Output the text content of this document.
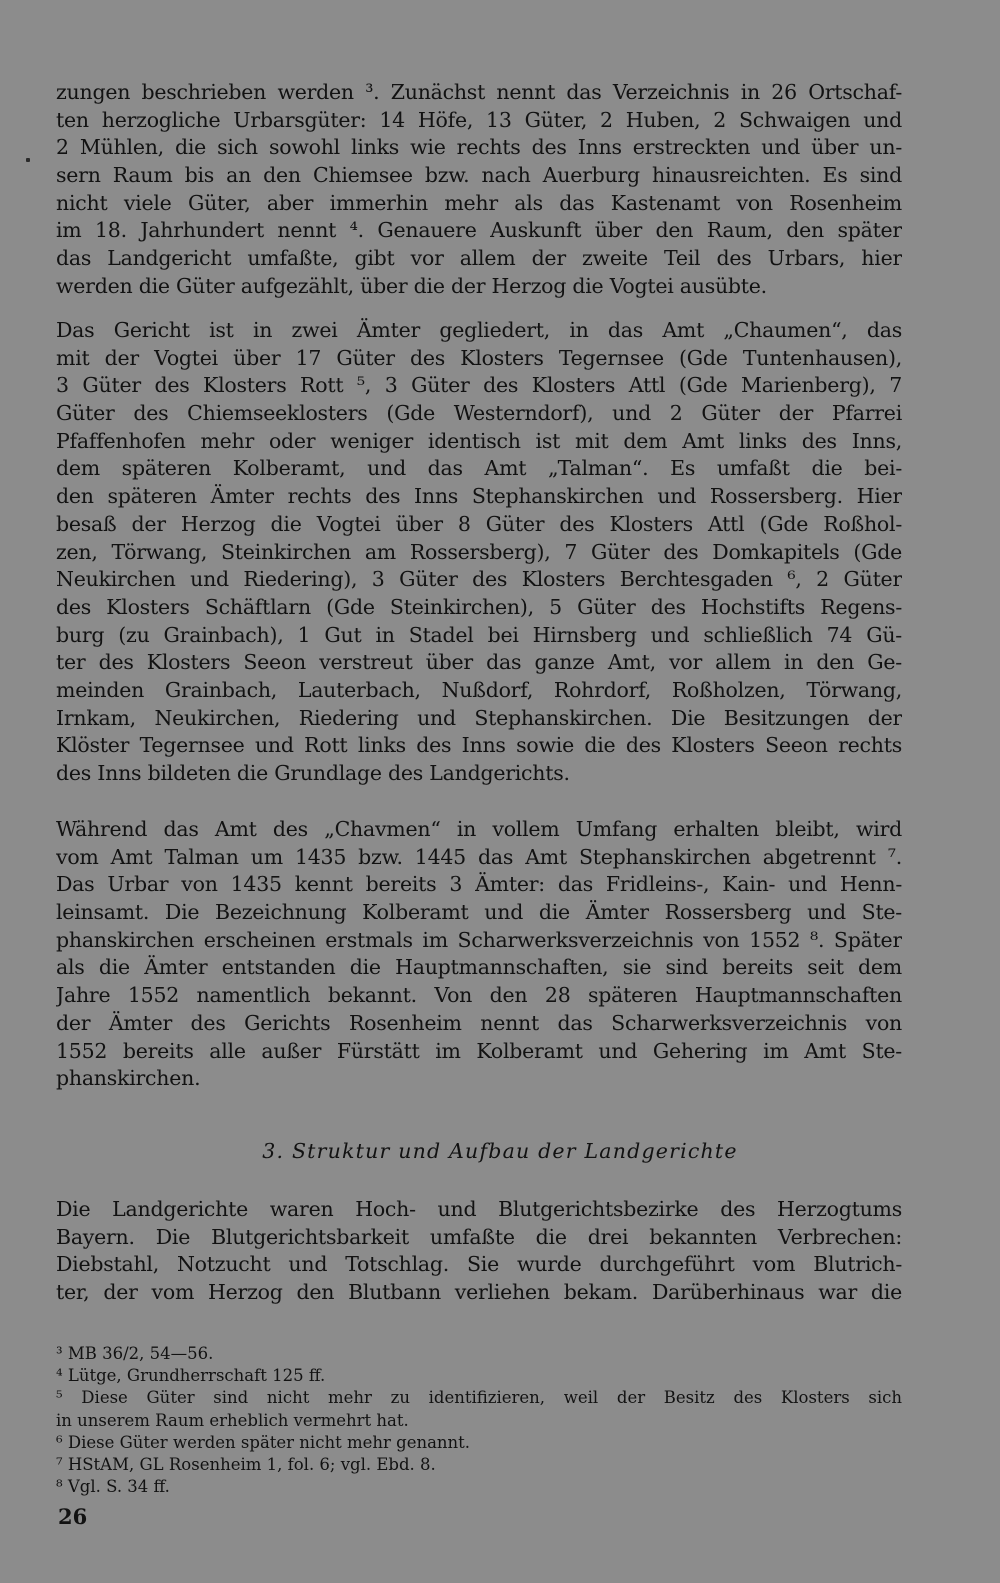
zungen beschrieben werden ³. Zunächst nennt das Verzeichnis in 26 Ortschaf-
ten herzogliche Urbarsgüter: 14 Höfe, 13 Güter, 2 Huben, 2 Schwaigen und
2 Mühlen, die sich sowohl links wie rechts des Inns erstreckten und über un-
sern Raum bis an den Chiemsee bzw. nach Auerburg hinausreichten. Es sind
nicht viele Güter, aber immerhin mehr als das Kastenamt von Rosenheim
im 18. Jahrhundert nennt ⁴. Genauere Auskunft über den Raum, den später
das Landgericht umfaßte, gibt vor allem der zweite Teil des Urbars, hier
werden die Güter aufgezählt, über die der Herzog die Vogtei ausübte.
Das Gericht ist in zwei Ämter gegliedert, in das Amt „Chaumen“, das
mit der Vogtei über 17 Güter des Klosters Tegernsee (Gde Tuntenhausen),
3 Güter des Klosters Rott ⁵, 3 Güter des Klosters Attl (Gde Marienberg), 7
Güter des Chiemseeklosters (Gde Westerndorf), und 2 Güter der Pfarrei
Pfaffenhofen mehr oder weniger identisch ist mit dem Amt links des Inns,
dem späteren Kolberamt, und das Amt „Talman“. Es umfaßt die bei-
den späteren Ämter rechts des Inns Stephanskirchen und Rossersberg. Hier
besaß der Herzog die Vogtei über 8 Güter des Klosters Attl (Gde Roßhol-
zen, Törwang, Steinkirchen am Rossersberg), 7 Güter des Domkapitels (Gde
Neukirchen und Riedering), 3 Güter des Klosters Berchtesgaden ⁶, 2 Güter
des Klosters Schäftlarn (Gde Steinkirchen), 5 Güter des Hochstifts Regens-
burg (zu Grainbach), 1 Gut in Stadel bei Hirnsberg und schließlich 74 Gü-
ter des Klosters Seeon verstreut über das ganze Amt, vor allem in den Ge-
meinden Grainbach, Lauterbach, Nußdorf, Rohrdorf, Roßholzen, Törwang,
Irnkam, Neukirchen, Riedering und Stephanskirchen. Die Besitzungen der
Klöster Tegernsee und Rott links des Inns sowie die des Klosters Seeon rechts
des Inns bildeten die Grundlage des Landgerichts.
Während das Amt des „Chavmen“ in vollem Umfang erhalten bleibt, wird
vom Amt Talman um 1435 bzw. 1445 das Amt Stephanskirchen abgetrennt ⁷.
Das Urbar von 1435 kennt bereits 3 Ämter: das Fridleins-, Kain- und Henn-
leinsamt. Die Bezeichnung Kolberamt und die Ämter Rossersberg und Ste-
phanskirchen erscheinen erstmals im Scharwerksverzeichnis von 1552 ⁸. Später
als die Ämter entstanden die Hauptmannschaften, sie sind bereits seit dem
Jahre 1552 namentlich bekannt. Von den 28 späteren Hauptmannschaften
der Ämter des Gerichts Rosenheim nennt das Scharwerksverzeichnis von
1552 bereits alle außer Fürstätt im Kolberamt und Gehering im Amt Ste-
phanskirchen.
3. Struktur und Aufbau der Landgerichte
Die Landgerichte waren Hoch- und Blutgerichtsbezirke des Herzogtums
Bayern. Die Blutgerichtsbarkeit umfaßte die drei bekannten Verbrechen:
Diebstahl, Notzucht und Totschlag. Sie wurde durchgeführt vom Blutrich-
ter, der vom Herzog den Blutbann verliehen bekam. Darüberhinaus war die
³ MB 36/2, 54—56.
⁴ Lütge, Grundherrschaft 125 ff.
⁵ Diese Güter sind nicht mehr zu identifizieren, weil der Besitz des Klosters sich
in unserem Raum erheblich vermehrt hat.
⁶ Diese Güter werden später nicht mehr genannt.
⁷ HStAM, GL Rosenheim 1, fol. 6; vgl. Ebd. 8.
⁸ Vgl. S. 34 ff.
26
